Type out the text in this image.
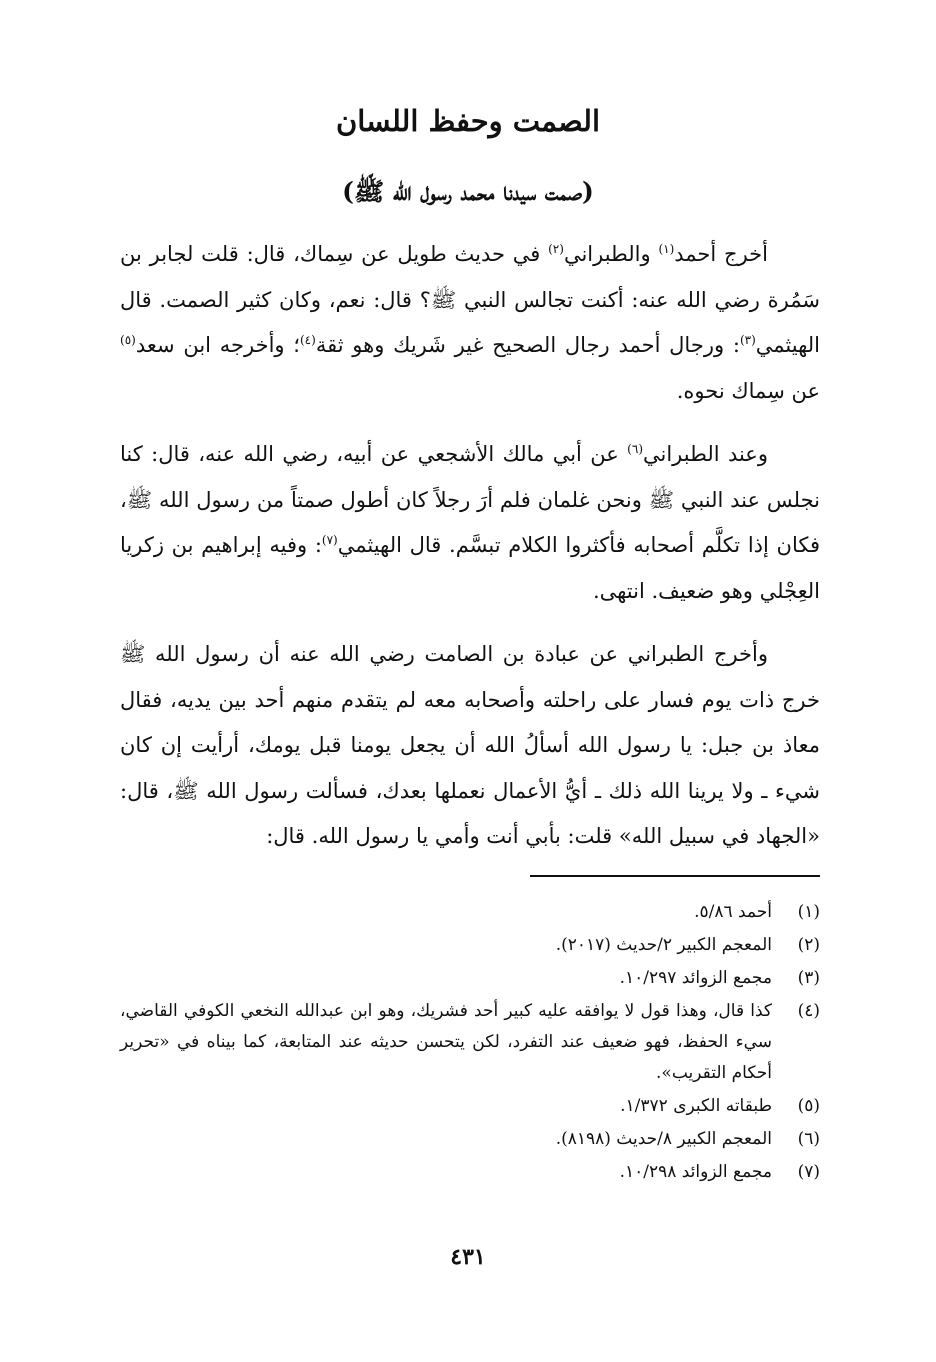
الصمت وحفظ اللسان
(صمت سيدنا محمد رسول الله ﷺ)

أخرج أحمد$^{(١)}$ والطبراني$^{(٢)}$ في حديث طويل عن سِماك، قال: قلت لجابر بن سَمُرة رضي الله عنه: أكنت تجالس النبي ﷺ؟ قال: نعم، وكان كثير الصمت. قال الهيثمي$^{(٣)}$: ورجال أحمد رجال الصحيح غير شَريك وهو ثقة$^{(٤)}$؛ وأخرجه ابن سعد$^{(٥)}$ عن سِماك نحوه.

وعند الطبراني$^{(٦)}$ عن أبي مالك الأشجعي عن أبيه، رضي الله عنه، قال: كنا نجلس عند النبي ﷺ ونحن غلمان فلم أرَ رجلاً كان أطول صمتاً من رسول الله ﷺ، فكان إذا تكلَّم أصحابه فأكثروا الكلام تبسَّم. قال الهيثمي$^{(٧)}$: وفيه إبراهيم بن زكريا العِجْلي وهو ضعيف. انتهى.

وأخرج الطبراني عن عبادة بن الصامت رضي الله عنه أن رسول الله ﷺ خرج ذات يوم فسار على راحلته وأصحابه معه لم يتقدم منهم أحد بين يديه، فقال معاذ بن جبل: يا رسول الله أسألُ الله أن يجعل يومنا قبل يومك، أرأيت إن كان شيء ـ ولا يرينا الله ذلك ـ أيُّ الأعمال نعملها بعدك، فسألت رسول الله ﷺ، قال: «الجهاد في سبيل الله» قلت: بأبي أنت وأمي يا رسول الله. قال:

(١)
أحمد ٥/٨٦.
(٢)
المعجم الكبير ٢/حديث (٢٠١٧).
(٣)
مجمع الزوائد ١٠/٢٩٧.
(٤)
كذا قال، وهذا قول لا يوافقه عليه كبير أحد فشريك، وهو ابن عبدالله النخعي الكوفي القاضي، سيء الحفظ، فهو ضعيف عند التفرد، لكن يتحسن حديثه عند المتابعة، كما بيناه في «تحرير أحكام التقريب».
(٥)
طبقاته الكبرى ١/٣٧٢.
(٦)
المعجم الكبير ٨/حديث (٨١٩٨).
(٧)
مجمع الزوائد ١٠/٢٩٨.
٤٣١
